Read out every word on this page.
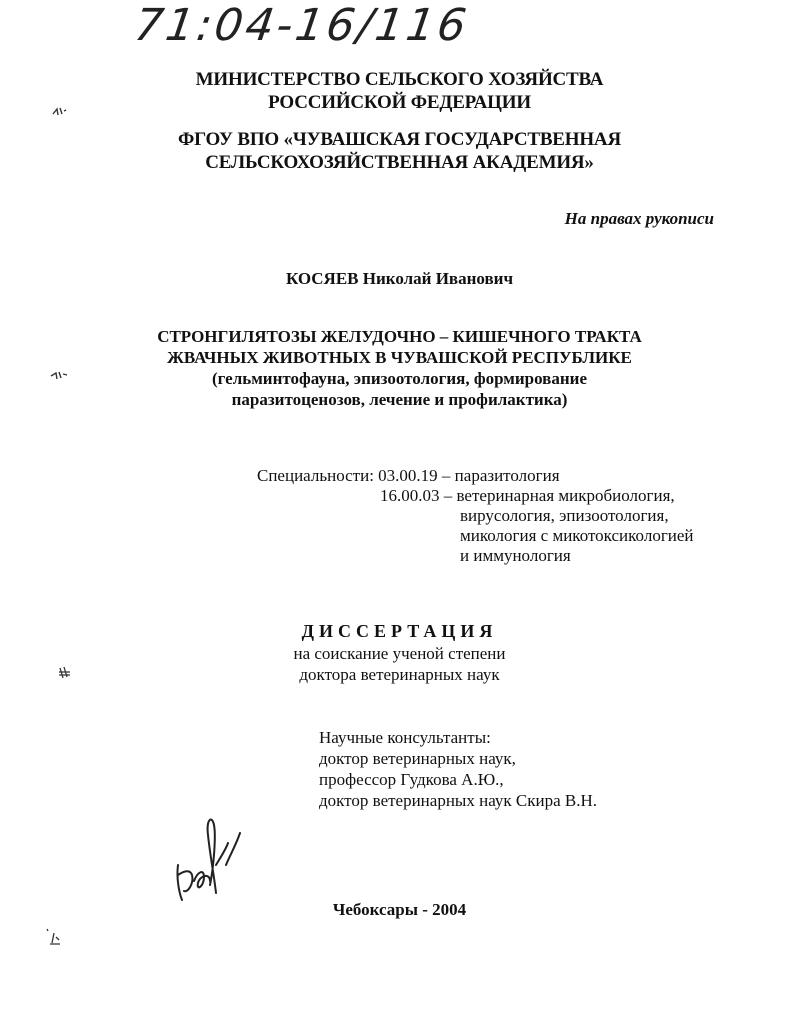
71:04-16/116
МИНИСТЕРСТВО СЕЛЬСКОГО ХОЗЯЙСТВА
РОССИЙСКОЙ ФЕДЕРАЦИИ
ФГОУ ВПО «ЧУВАШСКАЯ ГОСУДАРСТВЕННАЯ
СЕЛЬСКОХОЗЯЙСТВЕННАЯ АКАДЕМИЯ»
На правах рукописи
КОСЯЕВ Николай Иванович
СТРОНГИЛЯТОЗЫ ЖЕЛУДОЧНО – КИШЕЧНОГО ТРАКТА
ЖВАЧНЫХ ЖИВОТНЫХ В ЧУВАШСКОЙ РЕСПУБЛИКЕ
(гельминтофауна, эпизоотология, формирование
паразитоценозов, лечение и профилактика)
Специальности: 03.00.19 – паразитология
16.00.03 – ветеринарная микробиология,
вирусология, эпизоотология,
микология с микотоксикологией
и иммунология
ДИССЕРТАЦИЯ
на соискание ученой степени
доктора ветеринарных наук
Научные консультанты:
доктор ветеринарных наук,
профессор Гудкова А.Ю.,
доктор ветеринарных наук Скира В.Н.
Чебоксары - 2004
